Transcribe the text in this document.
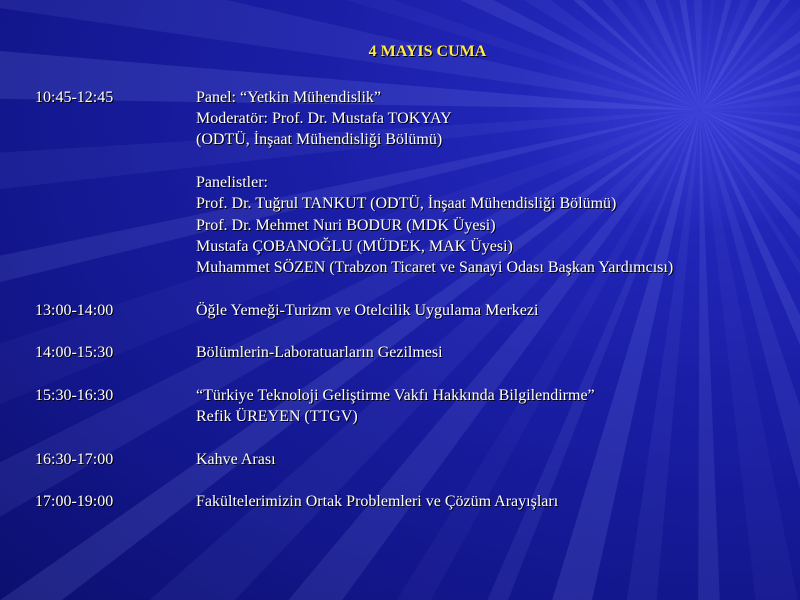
4 MAYIS CUMA
10:45-12:45	Panel: “Yetkin Mühendislik”
Moderatör: Prof. Dr. Mustafa TOKYAY
(ODTÜ, İnşaat Mühendisliği Bölümü)
Panelistler:
Prof. Dr. Tuğrul TANKUT (ODTÜ, İnşaat Mühendisliği Bölümü)
Prof. Dr. Mehmet Nuri BODUR (MDK Üyesi)
Mustafa ÇOBANOĞLU (MÜDEK, MAK Üyesi)
Muhammet SÖZEN (Trabzon Ticaret ve Sanayi Odası Başkan Yardımcısı)
13:00-14:00	Öğle Yemeği-Turizm ve Otelcilik Uygulama Merkezi
14:00-15:30	Bölümlerin-Laboratuarların Gezilmesi
15:30-16:30	“Türkiye Teknoloji Geliştirme Vakfı Hakkında Bilgilendirme”
Refik ÜREYEN (TTGV)
16:30-17:00	Kahve Arası
17:00-19:00	Fakültelerimizin Ortak Problemleri ve Çözüm Arayışları
